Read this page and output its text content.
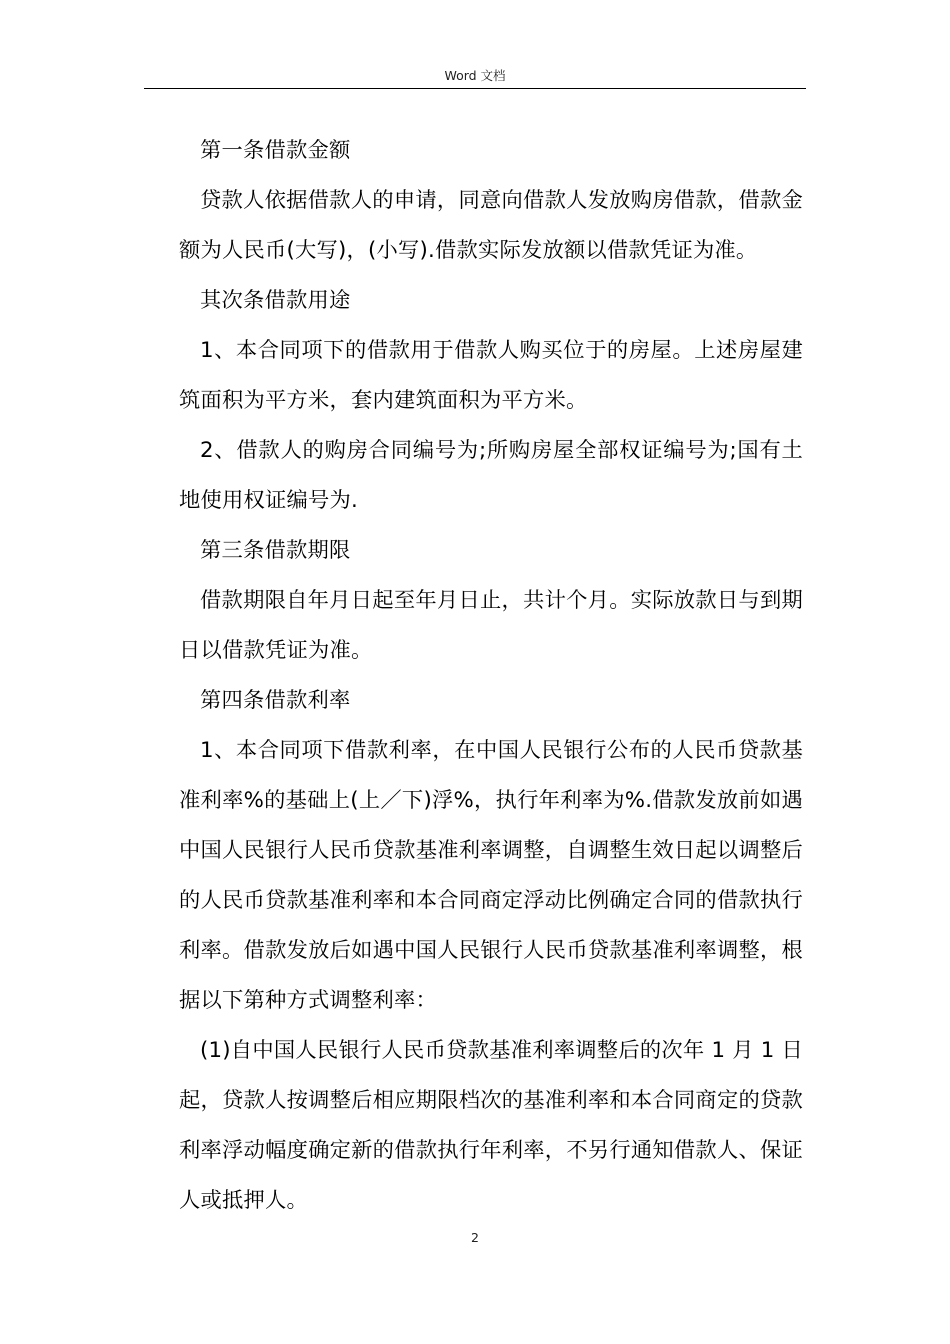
Word 文档

第一条借款金额

贷款人依据借款人的申请，同意向借款人发放购房借款，借款金额为人民币(大写)，(小写).借款实际发放额以借款凭证为准。

其次条借款用途

1、本合同项下的借款用于借款人购买位于的房屋。上述房屋建筑面积为平方米，套内建筑面积为平方米。

2、借款人的购房合同编号为;所购房屋全部权证编号为;国有土地使用权证编号为.

第三条借款期限

借款期限自年月日起至年月日止，共计个月。实际放款日与到期日以借款凭证为准。

第四条借款利率

1、本合同项下借款利率，在中国人民银行公布的人民币贷款基准利率%的基础上(上／下)浮%，执行年利率为%.借款发放前如遇中国人民银行人民币贷款基准利率调整，自调整生效日起以调整后的人民币贷款基准利率和本合同商定浮动比例确定合同的借款执行利率。借款发放后如遇中国人民银行人民币贷款基准利率调整，根据以下第种方式调整利率：

(1)自中国人民银行人民币贷款基准利率调整后的次年 1 月 1 日起，贷款人按调整后相应期限档次的基准利率和本合同商定的贷款利率浮动幅度确定新的借款执行年利率，不另行通知借款人、保证人或抵押人。

2
